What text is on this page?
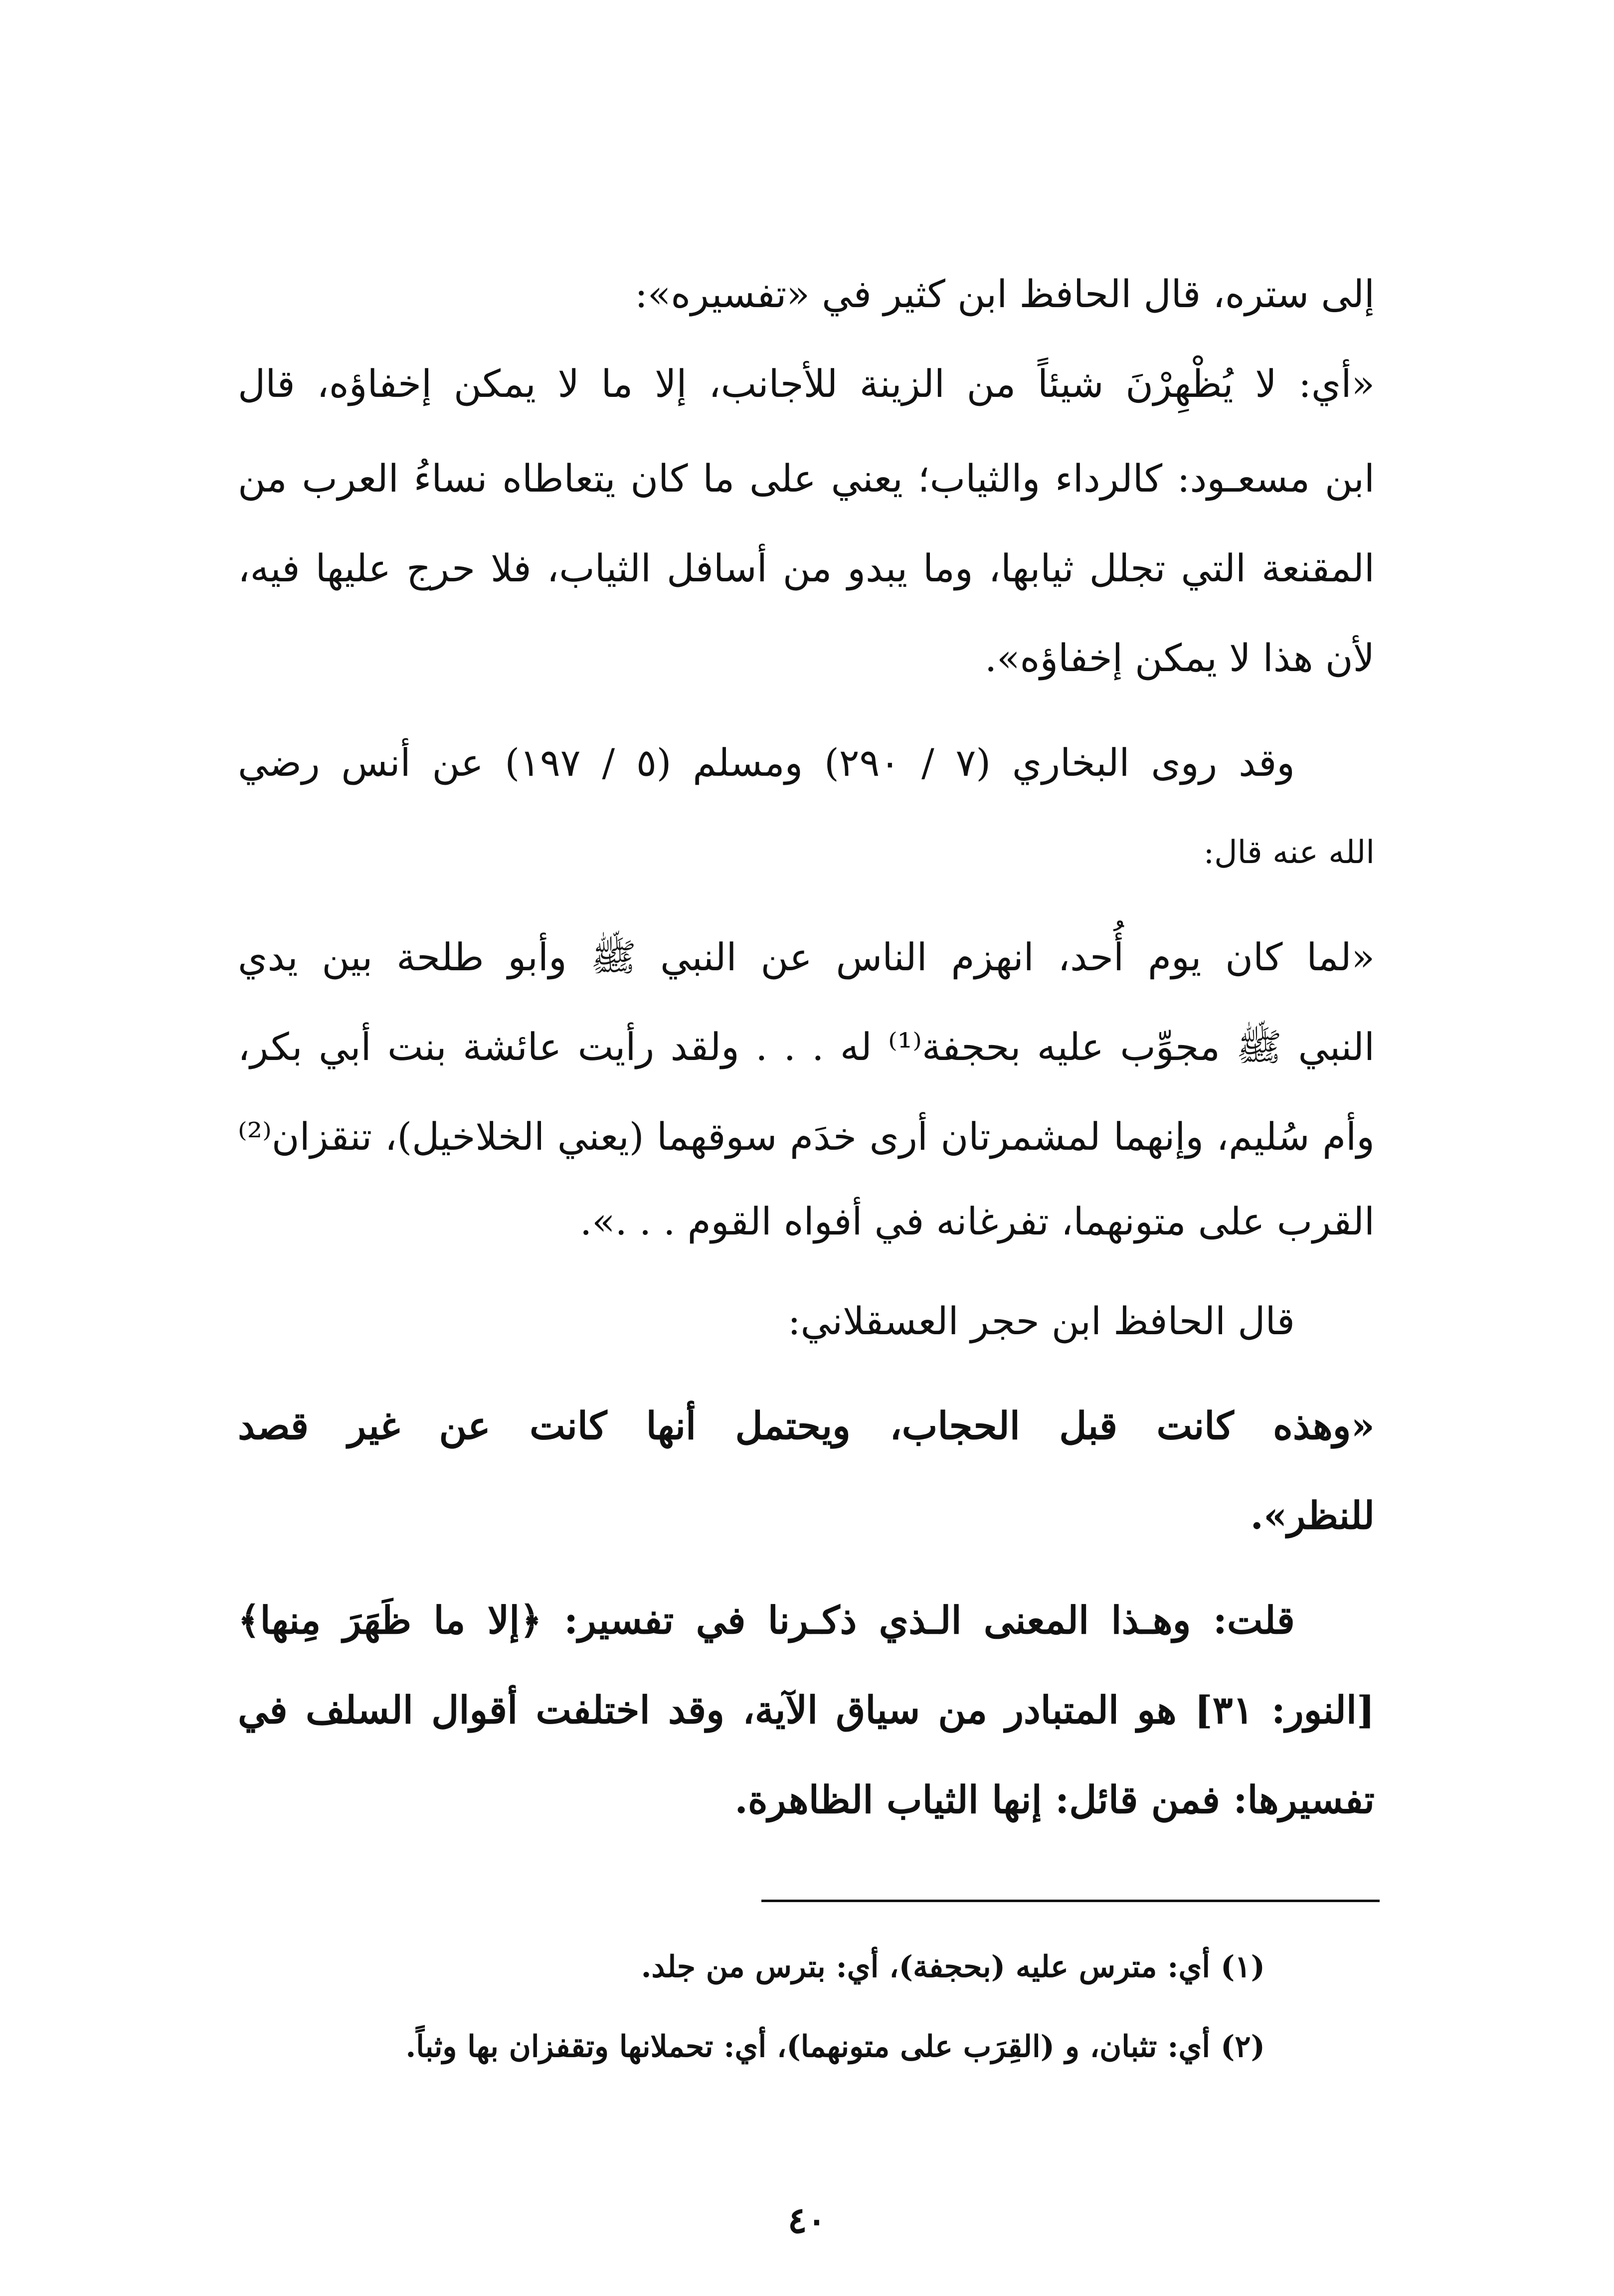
إلى ستره، قال الحافظ ابن كثير في «تفسيره»:
«أي: لا يُظْهِرْنَ شيئاً من الزينة للأجانب، إلا ما لا يمكن إخفاؤه، قال
ابن مسعـود: كالرداء والثياب؛ يعني على ما كان يتعاطاه نساءُ العرب من
المقنعة التي تجلل ثيابها، وما يبدو من أسافل الثياب، فلا حرج عليها فيه،
لأن هذا لا يمكن إخفاؤه».
وقد روى البخاري (٧ / ٢٩٠) ومسلم (٥ / ١٩٧) عن أنس رضي
الله عنه قال:
«لما كان يوم أُحد، انهزم الناس عن النبي ﷺ وأبو طلحة بين يدي
النبي ﷺ مجوِّب عليه بحجفة⁽¹⁾ له . . . ولقد رأيت عائشة بنت أبي بكر،
وأم سُليم، وإنهما لمشمرتان أرى خدَم سوقهما (يعني الخلاخيل)، تنقزان⁽²⁾
القرب على متونهما، تفرغانه في أفواه القوم . . .».
قال الحافظ ابن حجر العسقلاني:
«وهذه كانت قبل الحجاب، ويحتمل أنها كانت عن غير قصد
للنظر».
قلت: وهـذا المعنى الـذي ذكـرنا في تفسير: ﴿إلا ما ظَهَرَ مِنها﴾
[النور: ٣١] هو المتبادر من سياق الآية، وقد اختلفت أقوال السلف في
تفسيرها: فمن قائل: إنها الثياب الظاهرة.
(١) أي: مترس عليه (بحجفة)، أي: بترس من جلد.
(٢) أي: تثبان، و (القِرَب على متونهما)، أي: تحملانها وتقفزان بها وثباً.
٤٠
